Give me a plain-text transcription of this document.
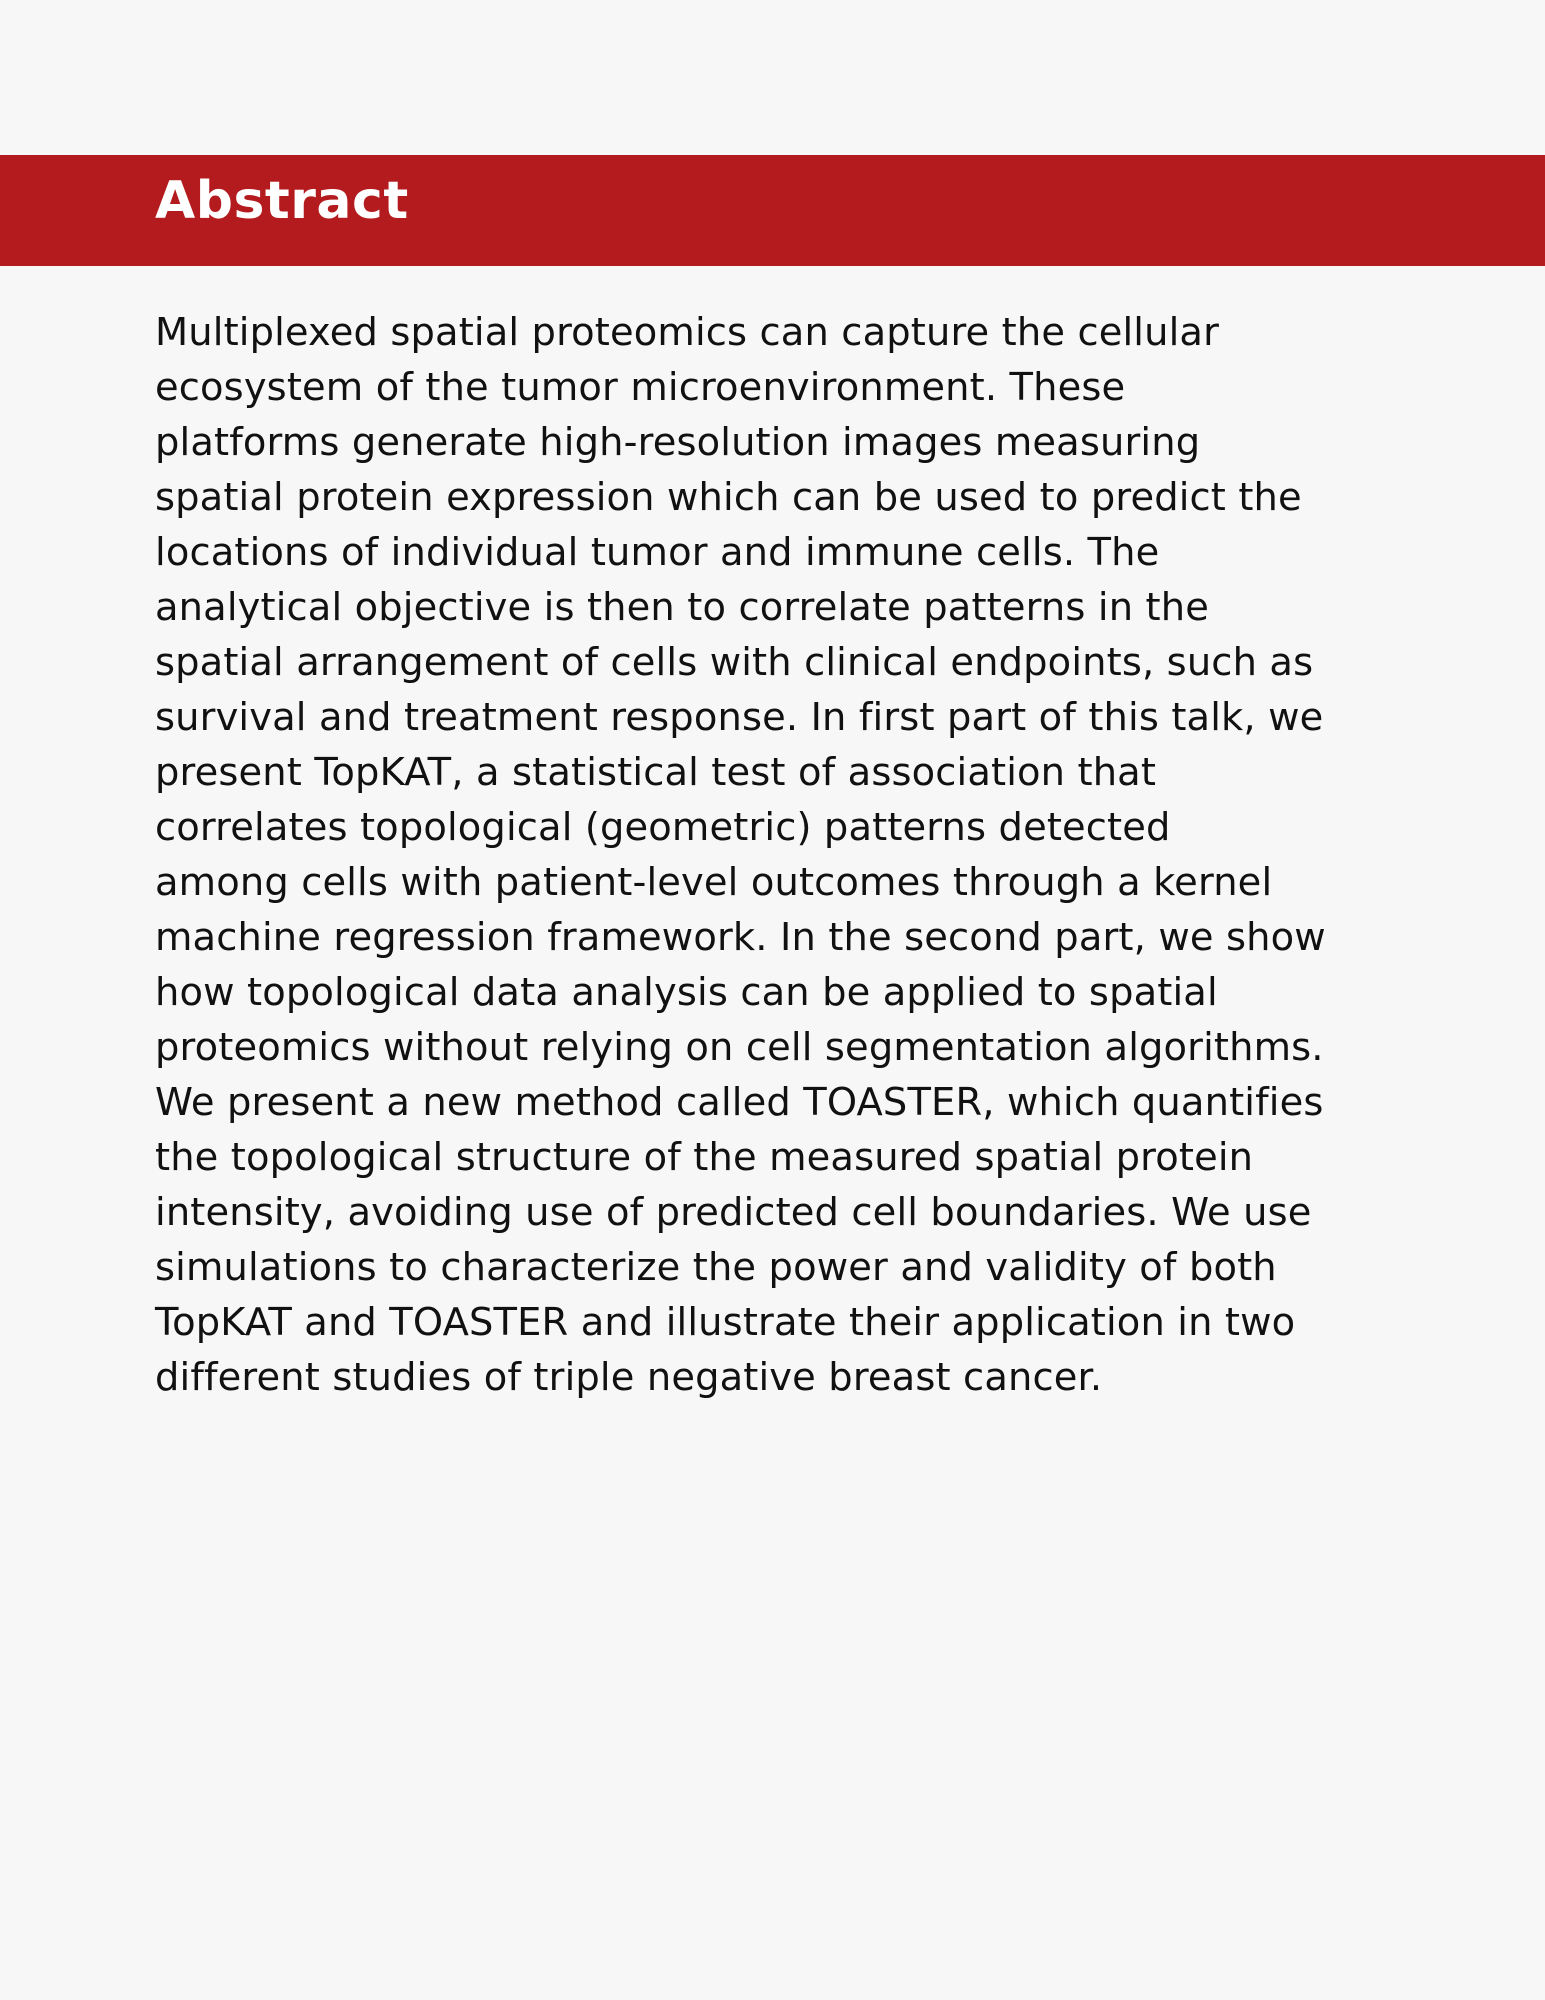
Abstract
Multiplexed spatial proteomics can capture the cellular
ecosystem of the tumor microenvironment. These
platforms generate high-resolution images measuring
spatial protein expression which can be used to predict the
locations of individual tumor and immune cells. The
analytical objective is then to correlate patterns in the
spatial arrangement of cells with clinical endpoints, such as
survival and treatment response. In first part of this talk, we
present TopKAT, a statistical test of association that
correlates topological (geometric) patterns detected
among cells with patient-level outcomes through a kernel
machine regression framework. In the second part, we show
how topological data analysis can be applied to spatial
proteomics without relying on cell segmentation algorithms.
We present a new method called TOASTER, which quantifies
the topological structure of the measured spatial protein
intensity, avoiding use of predicted cell boundaries. We use
simulations to characterize the power and validity of both
TopKAT and TOASTER and illustrate their application in two
different studies of triple negative breast cancer.
